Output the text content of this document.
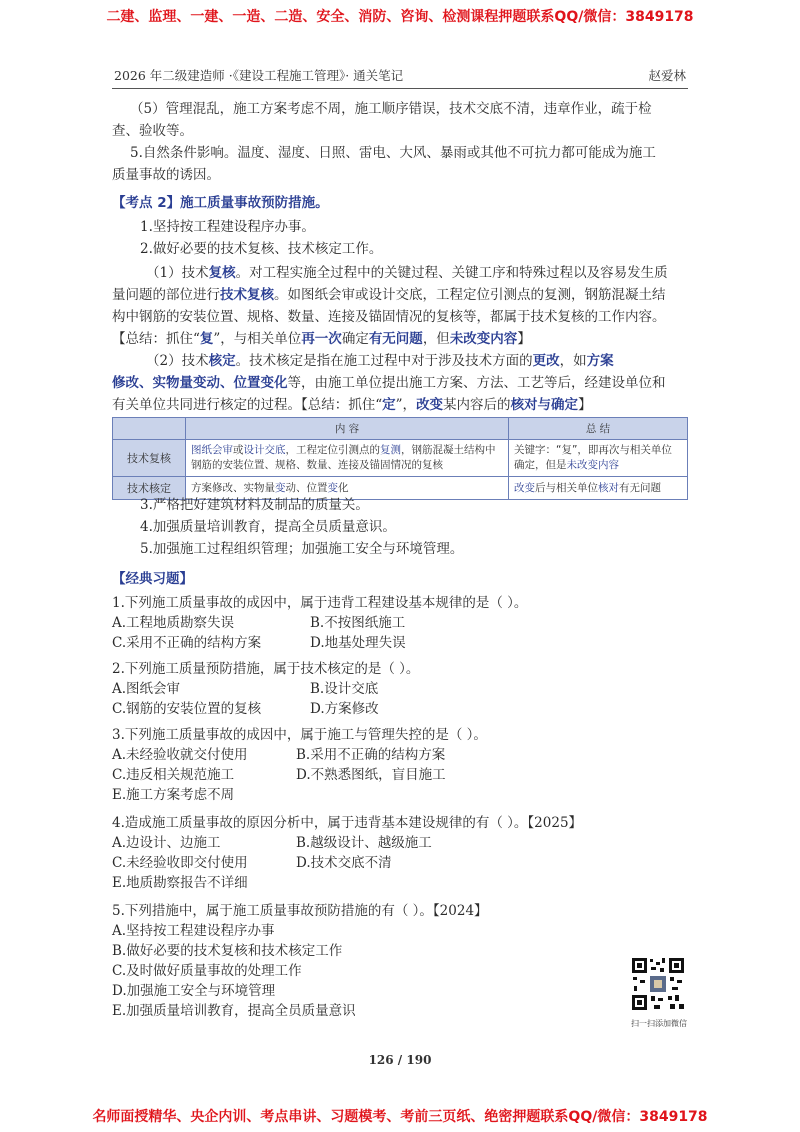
二建、监理、一建、一造、二造、安全、消防、咨询、检测课程押题联系QQ/微信：3849178
名师面授精华、央企内训、考点串讲、习题模考、考前三页纸、绝密押题联系QQ/微信：3849178
2026 年二级建造师 ·《建设工程施工管理》· 通关笔记	赵爱林
（5）管理混乱，施工方案考虑不周，施工顺序错误，技术交底不清，违章作业，疏于检
查、验收等。
5.自然条件影响。温度、湿度、日照、雷电、大风、暴雨或其他不可抗力都可能成为施工
质量事故的诱因。
【考点 2】施工质量事故预防措施。
1.坚持按工程建设程序办事。
2.做好必要的技术复核、技术核定工作。
（1）技术复核。对工程实施全过程中的关键过程、关键工序和特殊过程以及容易发生质
量问题的部位进行技术复核。如图纸会审或设计交底，工程定位引测点的复测，钢筋混凝土结
构中钢筋的安装位置、规格、数量、连接及锚固情况的复核等，都属于技术复核的工作内容。
【总结：抓住“复”，与相关单位再一次确定有无问题，但未改变内容】
（2）技术核定。技术核定是指在施工过程中对于涉及技术方面的更改，如方案
修改、实物量变动、位置变化等，由施工单位提出施工方案、方法、工艺等后，经建设单位和
有关单位共同进行核定的过程。【总结：抓住“定”，改变某内容后的核对与确定】
	内 容	总 结
技术复核	图纸会审或设计交底，工程定位引测点的复测，钢筋混凝土结构中钢筋的安装位置、规格、数量、连接及锚固情况的复核	关键字：“复”，即再次与相关单位确定，但是未改变内容
技术核定	方案修改、实物量变动、位置变化	改变后与相关单位核对有无问题
3.严格把好建筑材料及制品的质量关。
4.加强质量培训教育，提高全员质量意识。
5.加强施工过程组织管理；加强施工安全与环境管理。
【经典习题】
1.下列施工质量事故的成因中，属于违背工程建设基本规律的是（ ）。
A.工程地质勘察失误	B.不按图纸施工
C.采用不正确的结构方案	D.地基处理失误
2.下列施工质量预防措施，属于技术核定的是（ ）。
A.图纸会审	B.设计交底
C.钢筋的安装位置的复核	D.方案修改
3.下列施工质量事故的成因中，属于施工与管理失控的是（ ）。
A.未经验收就交付使用	B.采用不正确的结构方案
C.违反相关规范施工	D.不熟悉图纸，盲目施工
E.施工方案考虑不周
4.造成施工质量事故的原因分析中，属于违背基本建设规律的有（ ）。【2025】
A.边设计、边施工	B.越级设计、越级施工
C.未经验收即交付使用	D.技术交底不清
E.地质勘察报告不详细
5.下列措施中，属于施工质量事故预防措施的有（ ）。【2024】
A.坚持按工程建设程序办事
B.做好必要的技术复核和技术核定工作
C.及时做好质量事故的处理工作
D.加强施工安全与环境管理
E.加强质量培训教育，提高全员质量意识
扫一扫添加微信
126 / 190
